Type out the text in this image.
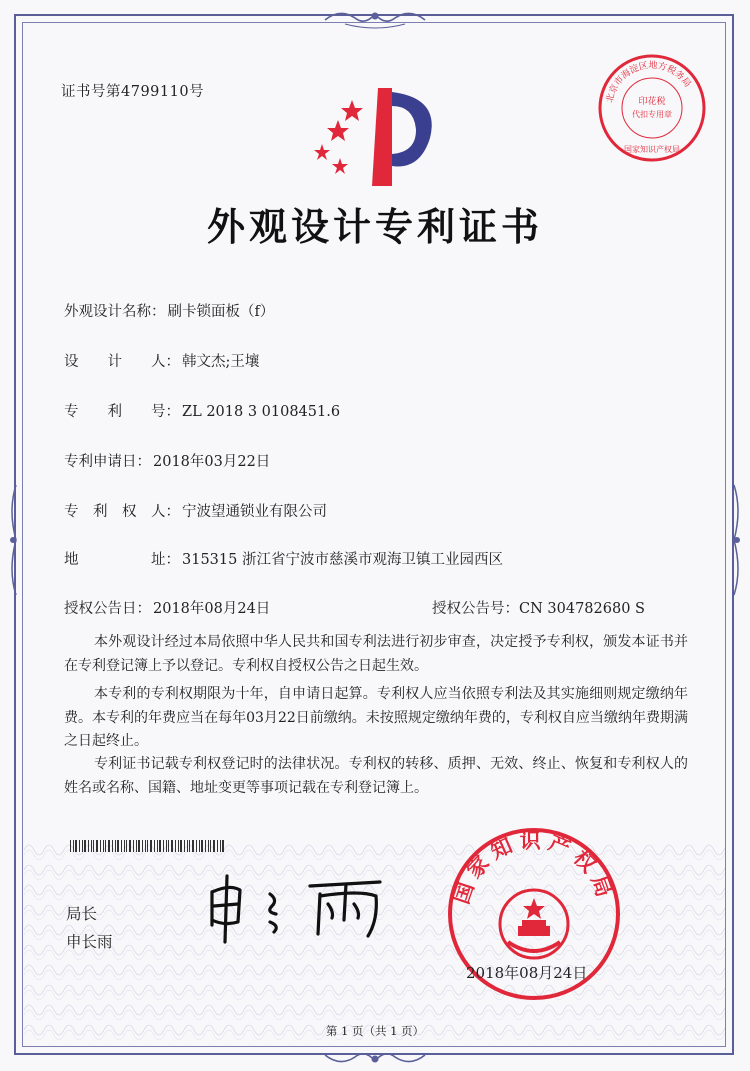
证书号第4799110号
外观设计专利证书
北京市海淀区地方税务局
印花税
代扣专用章
国家知识产权局
外观设计名称： 刷卡锁面板（f）
设　　计　　人： 韩文杰;王壤
专　　利　　号： ZL 2018 3 0108451.6
专利申请日： 2018年03月22日
专　利　权　人： 宁波望通锁业有限公司
地　　　　　址： 315315 浙江省宁波市慈溪市观海卫镇工业园西区
授权公告日： 2018年08月24日	授权公告号：CN 304782680 S
本外观设计经过本局依照中华人民共和国专利法进行初步审查，决定授予专利权，颁发本证书并在专利登记簿上予以登记。专利权自授权公告之日起生效。
本专利的专利权期限为十年，自申请日起算。专利权人应当依照专利法及其实施细则规定缴纳年费。本专利的年费应当在每年03月22日前缴纳。未按照规定缴纳年费的，专利权自应当缴纳年费期满之日起终止。
专利证书记载专利权登记时的法律状况。专利权的转移、质押、无效、终止、恢复和专利权人的姓名或名称、国籍、地址变更等事项记载在专利登记簿上。
局长
申长雨
国家知识产权局
2018年08月24日
第 1 页（共 1 页）
